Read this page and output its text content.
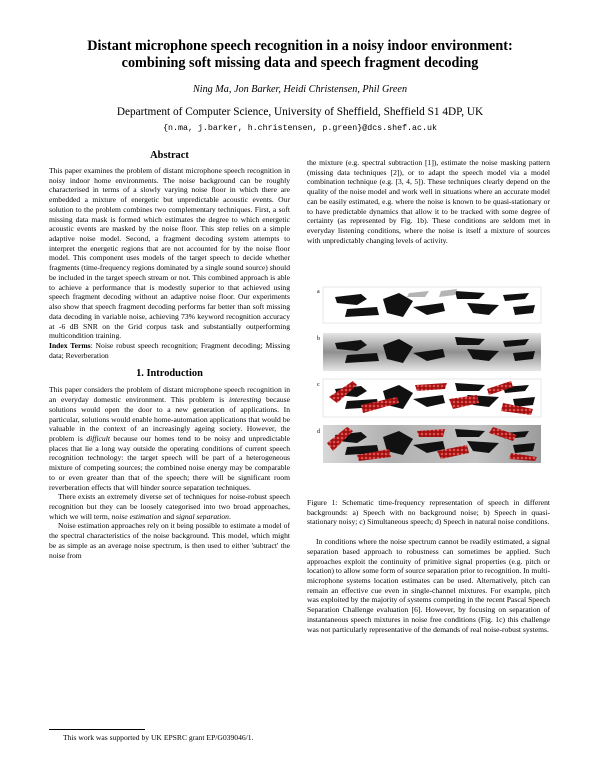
Distant microphone speech recognition in a noisy indoor environment:

combining soft missing data and speech fragment decoding

Ning Ma, Jon Barker, Heidi Christensen, Phil Green

Department of Computer Science, University of Sheffield, Sheffield S1 4DP, UK

{n.ma, j.barker, h.christensen, p.green}@dcs.shef.ac.uk

Abstract

This paper examines the problem of distant microphone speech recognition in noisy indoor home environments. The noise background can be roughly characterised in terms of a slowly varying noise floor in which there are embedded a mixture of energetic but unpredictable acoustic events. Our solution to the problem combines two complementary techniques. First, a soft missing data mask is formed which estimates the degree to which energetic acoustic events are masked by the noise floor. This step relies on a simple adaptive noise model. Second, a fragment decoding system attempts to interpret the energetic regions that are not accounted for by the noise floor model. This component uses models of the target speech to decide whether fragments (time-frequency regions dominated by a single sound source) should be included in the target speech stream or not. This combined approach is able to achieve a performance that is modestly superior to that achieved using speech fragment decoding without an adaptive noise floor. Our experiments also show that speech fragment decoding performs far better than soft missing data decoding in variable noise, achieving 73% keyword recognition accuracy at -6 dB SNR on the Grid corpus task and substantially outperforming multicondition training.

Index Terms: Noise robust speech recognition; Fragment decoding; Missing data; Reverberation

1. Introduction

This paper considers the problem of distant microphone speech recognition in an everyday domestic environment. This problem is interesting because solutions would open the door to a new generation of applications. In particular, solutions would enable home-automation applications that would be valuable in the context of an increasingly ageing society. However, the problem is difficult because our homes tend to be noisy and unpredictable places that lie a long way outside the operating conditions of current speech recognition technology: the target speech will be part of a heterogeneous mixture of competing sources; the combined noise energy may be comparable to or even greater than that of the speech; there will be significant room reverberation effects that will hinder source separation techniques.

There exists an extremely diverse set of techniques for noise-robust speech recognition but they can be loosely categorised into two broad approaches, which we will term, noise estimation and signal separation.

Noise estimation approaches rely on it being possible to estimate a model of the spectral characteristics of the noise background. This model, which might be as simple as an average noise spectrum, is then used to either 'subtract' the noise from

This work was supported by UK EPSRC grant EP/G039046/1.

the mixture (e.g. spectral subtraction [1]), estimate the noise masking pattern (missing data techniques [2]), or to adapt the speech model via a model combination technique (e.g. [3, 4, 5]). These techniques clearly depend on the quality of the noise model and work well in situations where an accurate model can be easily estimated, e.g. where the noise is known to be quasi-stationary or to have predictable dynamics that allow it to be tracked with some degree of certainty (as represented by Fig. 1b). These conditions are seldom met in everyday listening conditions, where the noise is itself a mixture of sources with unpredictably changing levels of activity.

a
b
c
d

Figure 1: Schematic time-frequency representation of speech in different backgrounds: a) Speech with no background noise; b) Speech in quasi-stationary noisy; c) Simultaneous speech; d) Speech in natural noise conditions.

In conditions where the noise spectrum cannot be readily estimated, a signal separation based approach to robustness can sometimes be applied. Such approaches exploit the continuity of primitive signal properties (e.g. pitch or location) to allow some form of source separation prior to recognition. In multi-microphone systems location estimates can be used. Alternatively, pitch can remain an effective cue even in single-channel mixtures. For example, pitch was exploited by the majority of systems competing in the recent Pascal Speech Separation Challenge evaluation [6]. However, by focusing on separation of instantaneous speech mixtures in noise free conditions (Fig. 1c) this challenge was not particularly representative of the demands of real noise-robust systems.
